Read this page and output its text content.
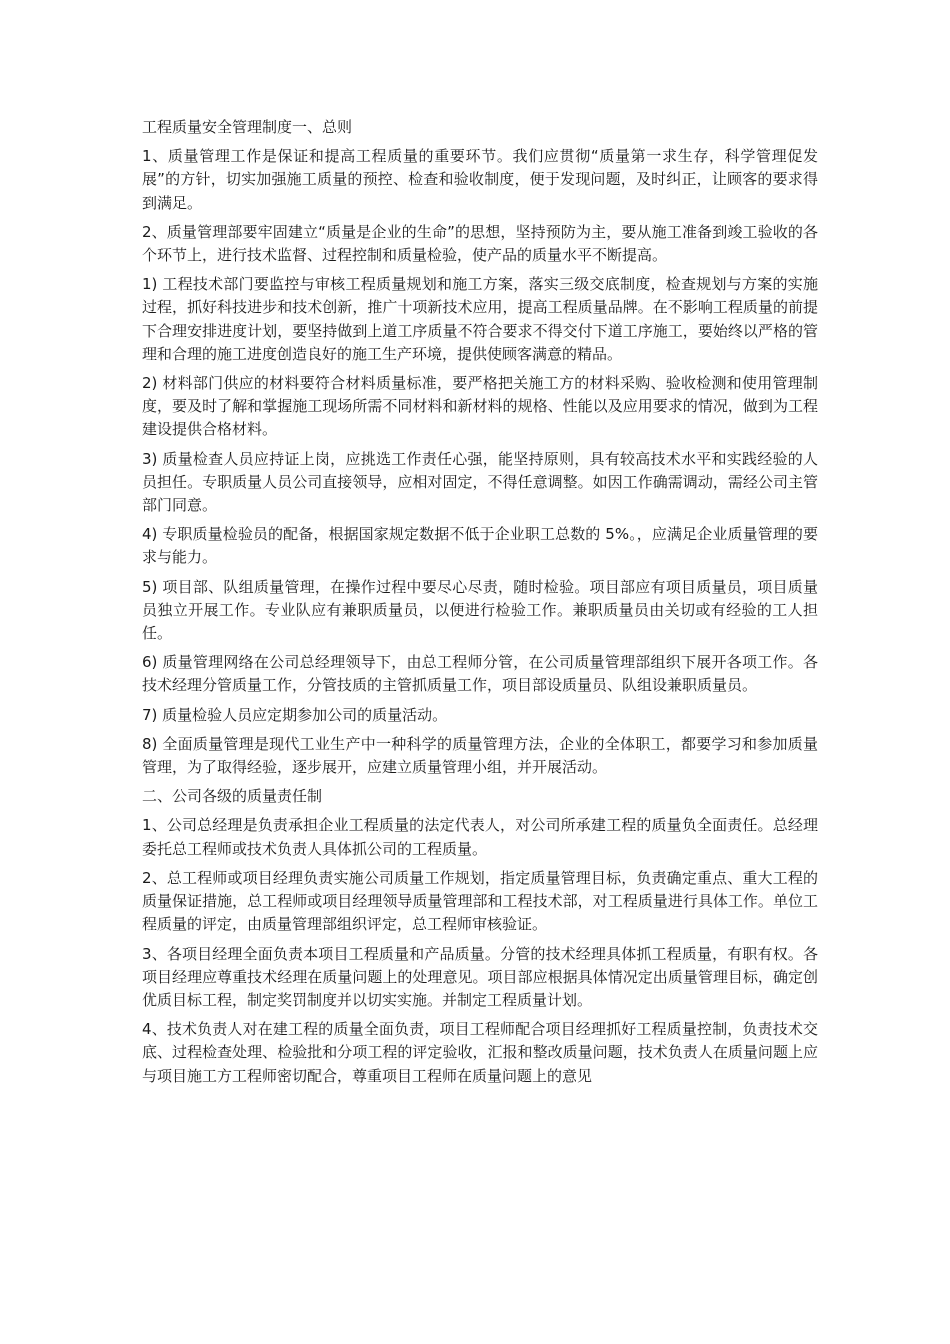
工程质量安全管理制度一、总则

1、质量管理工作是保证和提高工程质量的重要环节。我们应贯彻“质量第一求生存，科学管理促发展”的方针，切实加强施工质量的预控、检查和验收制度，便于发现问题，及时纠正，让顾客的要求得到满足。

2、质量管理部要牢固建立“质量是企业的生命”的思想，坚持预防为主，要从施工准备到竣工验收的各个环节上，进行技术监督、过程控制和质量检验，使产品的质量水平不断提高。

1) 工程技术部门要监控与审核工程质量规划和施工方案，落实三级交底制度，检查规划与方案的实施过程，抓好科技进步和技术创新，推广十项新技术应用，提高工程质量品牌。在不影响工程质量的前提下合理安排进度计划，要坚持做到上道工序质量不符合要求不得交付下道工序施工，要始终以严格的管理和合理的施工进度创造良好的施工生产环境，提供使顾客满意的精品。

2) 材料部门供应的材料要符合材料质量标准，要严格把关施工方的材料采购、验收检测和使用管理制度，要及时了解和掌握施工现场所需不同材料和新材料的规格、性能以及应用要求的情况，做到为工程建设提供合格材料。

3) 质量检查人员应持证上岗，应挑选工作责任心强，能坚持原则，具有较高技术水平和实践经验的人员担任。专职质量人员公司直接领导，应相对固定，不得任意调整。如因工作确需调动，需经公司主管部门同意。

4) 专职质量检验员的配备，根据国家规定数据不低于企业职工总数的 5%。，应满足企业质量管理的要求与能力。

5) 项目部、队组质量管理，在操作过程中要尽心尽责，随时检验。项目部应有项目质量员，项目质量员独立开展工作。专业队应有兼职质量员，以便进行检验工作。兼职质量员由关切或有经验的工人担任。

6) 质量管理网络在公司总经理领导下，由总工程师分管，在公司质量管理部组织下展开各项工作。各技术经理分管质量工作，分管技质的主管抓质量工作，项目部设质量员、队组设兼职质量员。

7) 质量检验人员应定期参加公司的质量活动。

8) 全面质量管理是现代工业生产中一种科学的质量管理方法，企业的全体职工，都要学习和参加质量管理，为了取得经验，逐步展开，应建立质量管理小组，并开展活动。

二、公司各级的质量责任制

1、公司总经理是负责承担企业工程质量的法定代表人，对公司所承建工程的质量负全面责任。总经理委托总工程师或技术负责人具体抓公司的工程质量。

2、总工程师或项目经理负责实施公司质量工作规划，指定质量管理目标，负责确定重点、重大工程的质量保证措施，总工程师或项目经理领导质量管理部和工程技术部，对工程质量进行具体工作。单位工程质量的评定，由质量管理部组织评定，总工程师审核验证。

3、各项目经理全面负责本项目工程质量和产品质量。分管的技术经理具体抓工程质量，有职有权。各项目经理应尊重技术经理在质量问题上的处理意见。项目部应根据具体情况定出质量管理目标，确定创优质目标工程，制定奖罚制度并以切实实施。并制定工程质量计划。

4、技术负责人对在建工程的质量全面负责，项目工程师配合项目经理抓好工程质量控制，负责技术交底、过程检查处理、检验批和分项工程的评定验收，汇报和整改质量问题，技术负责人在质量问题上应与项目施工方工程师密切配合，尊重项目工程师在质量问题上的意见
